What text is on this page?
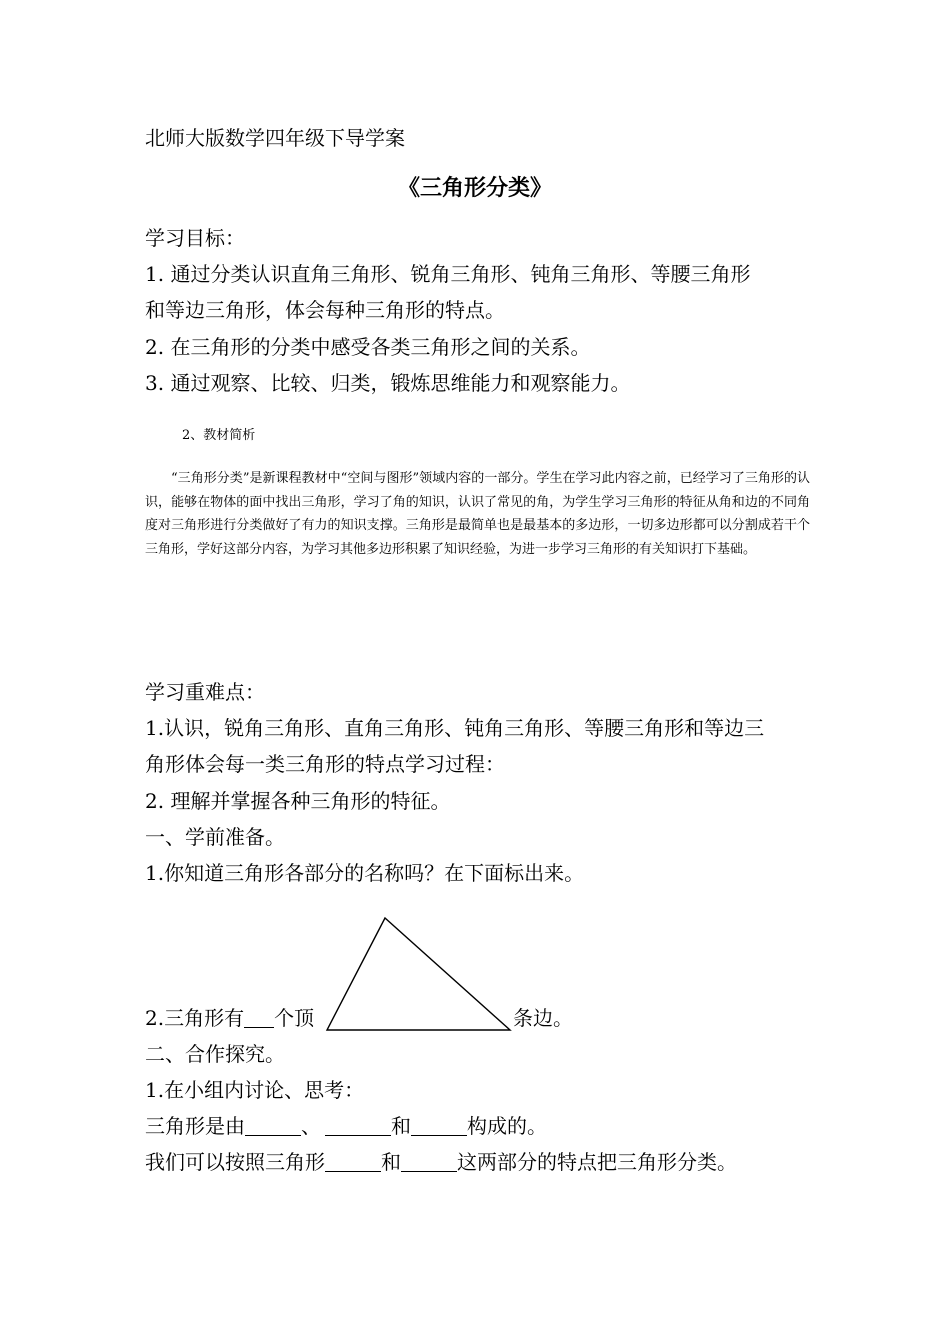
北师大版数学四年级下导学案
《三角形分类》
学习目标：
1. 通过分类认识直角三角形、锐角三角形、钝角三角形、等腰三角形
和等边三角形，体会每种三角形的特点。
2. 在三角形的分类中感受各类三角形之间的关系。
3. 通过观察、比较、归类，锻炼思维能力和观察能力。
2、教材简析
“三角形分类”是新课程教材中“空间与图形”领域内容的一部分。学生在学习此内容之前，已经学习了三角形的认识，能够在物体的面中找出三角形，学习了角的知识，认识了常见的角，为学生学习三角形的特征从角和边的不同角度对三角形进行分类做好了有力的知识支撑。三角形是最简单也是最基本的多边形，一切多边形都可以分割成若干个三角形，学好这部分内容，为学习其他多边形积累了知识经验，为进一步学习三角形的有关知识打下基础。
学习重难点：
1.认识，锐角三角形、直角三角形、钝角三角形、等腰三角形和等边三
角形体会每一类三角形的特点学习过程：
2. 理解并掌握各种三角形的特征。
一、学前准备。
1.你知道三角形各部分的名称吗？在下面标出来。
2.三角形有 个顶	条边。
二、合作探究。
1.在小组内讨论、思考：
三角形是由	、	和	构成的。
我们可以按照三角形	和	这两部分的特点把三角形分类。
